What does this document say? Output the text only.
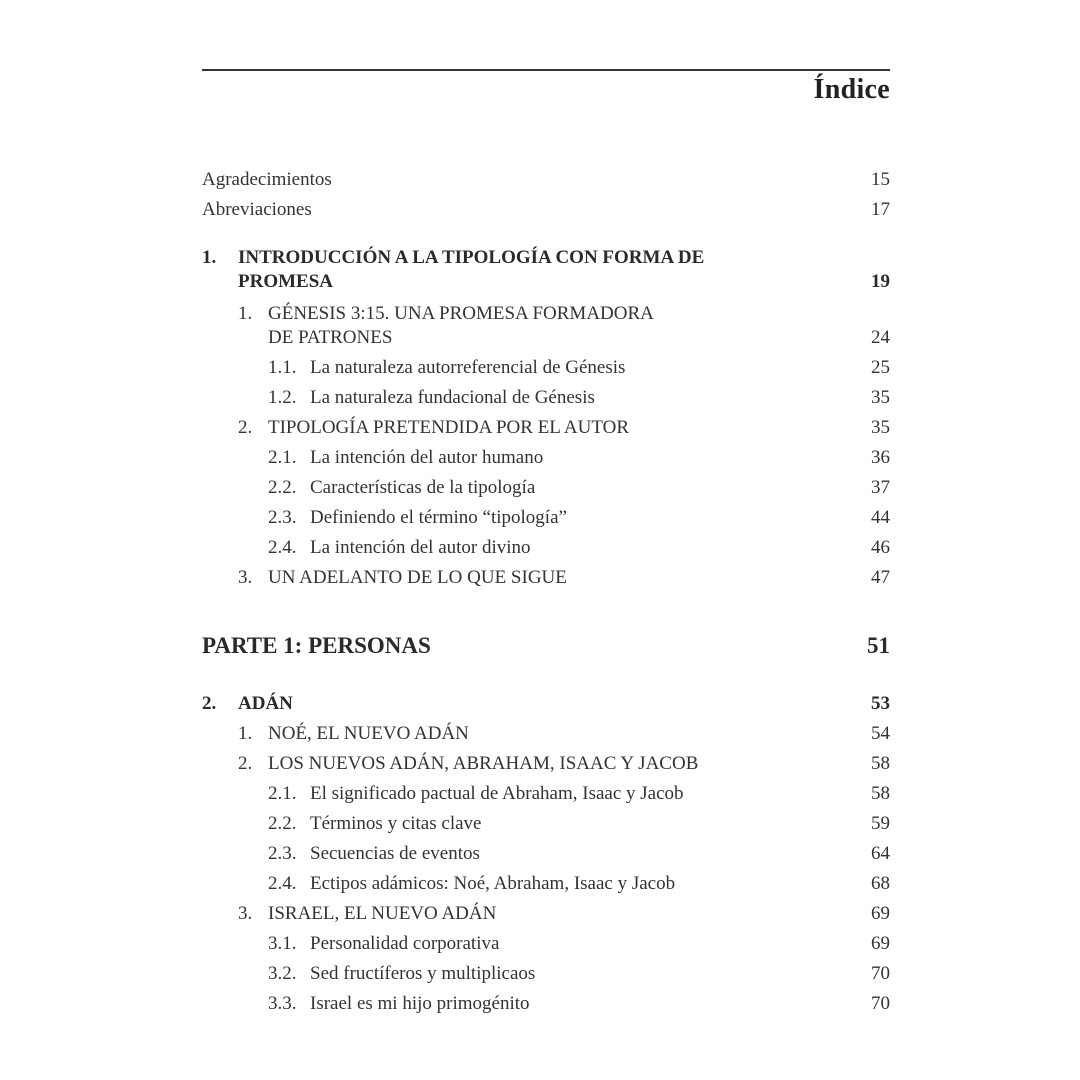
Índice
Agradecimientos	15
Abreviaciones	17
1. INTRODUCCIÓN A LA TIPOLOGÍA CON FORMA DE
PROMESA	19
1. GÉNESIS 3:15. UNA PROMESA FORMADORA
DE PATRONES	24
1.1. La naturaleza autorreferencial de Génesis	25
1.2. La naturaleza fundacional de Génesis	35
2. TIPOLOGÍA PRETENDIDA POR EL AUTOR	35
2.1. La intención del autor humano	36
2.2. Características de la tipología	37
2.3. Definiendo el término “tipología”	44
2.4. La intención del autor divino	46
3. UN ADELANTO DE LO QUE SIGUE	47
PARTE 1: PERSONAS	51
2. ADÁN	53
1. NOÉ, EL NUEVO ADÁN	54
2. LOS NUEVOS ADÁN, ABRAHAM, ISAAC Y JACOB	58
2.1. El significado pactual de Abraham, Isaac y Jacob	58
2.2. Términos y citas clave	59
2.3. Secuencias de eventos	64
2.4. Ectipos adámicos: Noé, Abraham, Isaac y Jacob	68
3. ISRAEL, EL NUEVO ADÁN	69
3.1. Personalidad corporativa	69
3.2. Sed fructíferos y multiplicaos	70
3.3. Israel es mi hijo primogénito	70
